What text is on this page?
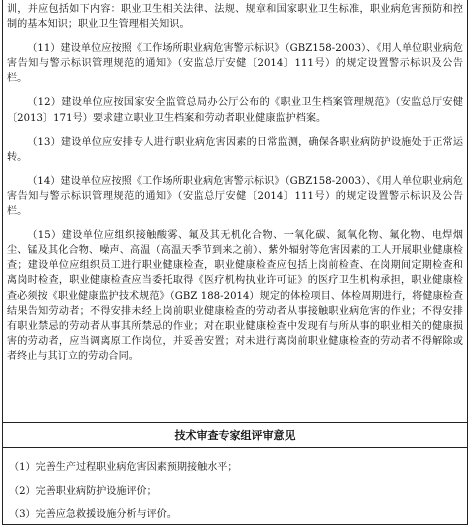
训，并应包括如下内容：职业卫生相关法律、法规、规章和国家职业卫生标准，职业病危害预防和控制的基本知识；职业卫生管理相关知识。

（11）建设单位应按照《工作场所职业病危害警示标识》（GBZ158-2003）、《用人单位职业病危害告知与警示标识管理规范的通知》（安监总厅安健〔2014〕111号）的规定设置警示标识及公告栏。

（12）建设单位应按国家安全监管总局办公厅公布的《职业卫生档案管理规范》（安监总厅安健〔2013〕171号）要求建立职业卫生档案和劳动者职业健康监护档案。

（13）建设单位应安排专人进行职业病危害因素的日常监测，确保各职业病防护设施处于正常运转。

（14）建设单位应按照《工作场所职业病危害警示标识》（GBZ158-2003）、《用人单位职业病危害告知与警示标识管理规范的通知》（安监总厅安健〔2014〕111号）的规定设置警示标识及公告栏。

（15）建设单位应组织接触酸雾、氟及其无机化合物、一氧化碳、氮氧化物、氟化物、电焊烟尘、锰及其化合物、噪声、高温（高温天季节到来之前）、紫外辐射等危害因素的工人开展职业健康检查；建设单位应组织员工进行职业健康检查，职业健康检查应包括上岗前检查、在岗期间定期检查和离岗时检查，职业健康检查应当委托取得《医疗机构执业许可证》的医疗卫生机构承担，职业健康检查必须按《职业健康监护技术规范》（GBZ 188-2014）规定的体检项目、体检周期进行，将健康检查结果告知劳动者；不得安排未经上岗前职业健康检查的劳动者从事接触职业病危害的作业；不得安排有职业禁忌的劳动者从事其所禁忌的作业；对在职业健康检查中发现有与所从事的职业相关的健康损害的劳动者，应当调离原工作岗位，并妥善安置；对未进行离岗前职业健康检查的劳动者不得解除或者终止与其订立的劳动合同。

技术审查专家组评审意见
（1）完善生产过程职业病危害因素预期接触水平；
（2）完善职业病防护设施评价；
（3）完善应急救援设施分析与评价。
